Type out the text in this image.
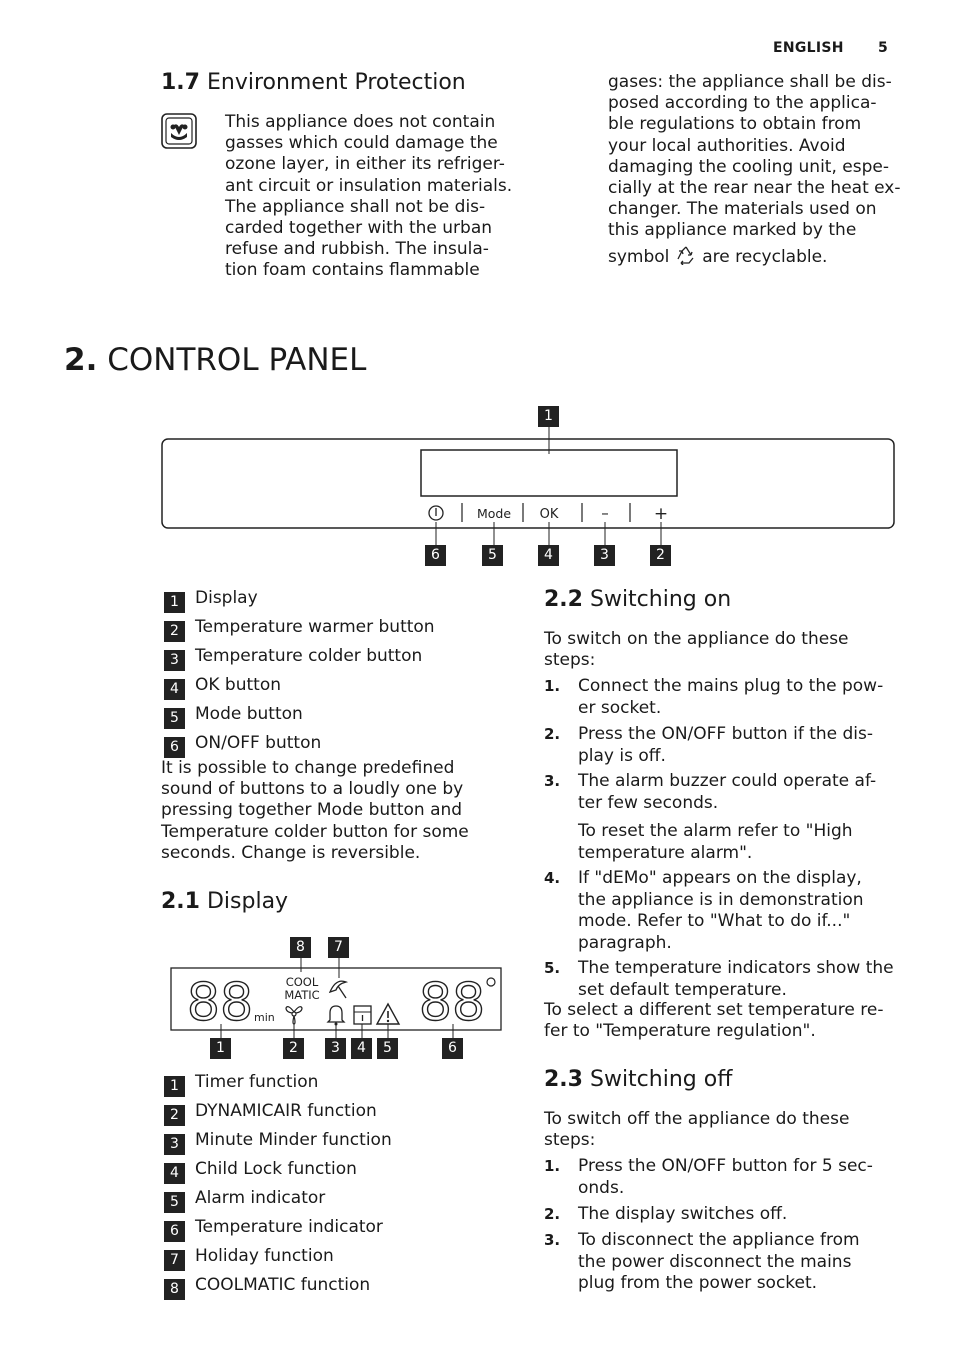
ENGLISH 5
1.7 Environment Protection

This appliance does not contain

gasses which could damage the

ozone layer, in either its refriger-

ant circuit or insulation materials.

The appliance shall not be dis-

carded together with the urban

refuse and rubbish. The insula-

tion foam contains flammable

gases: the appliance shall be dis-

posed according to the applica-

ble regulations to obtain from

your local authorities. Avoid

damaging the cooling unit, espe-

cially at the rear near the heat ex-

changer. The materials used on

this appliance marked by the

symbol are recyclable.

2. CONTROL PANEL
Mode OK	–	+
1
6	5	4	3	2
1 Display
2 Temperature warmer button
3 Temperature colder button
4 OK button
5 Mode button
6 ON/OFF button

It is possible to change predefined

sound of buttons to a loudly one by

pressing together Mode button and

Temperature colder button for some

seconds. Change is reversible.

2.1 Display
88 min
COOL
MATIC 88
8	7
1	2	3	4	5	6
1 Timer function
2 DYNAMICAIR function
3 Minute Minder function
4 Child Lock function
5 Alarm indicator
6 Temperature indicator
7 Holiday function
8 COOLMATIC function
2.2 Switching on

To switch on the appliance do these

steps:

1. Connect the mains plug to the pow-
er socket.
2. Press the ON/OFF button if the dis-
play is off.
3. The alarm buzzer could operate af-
ter few seconds.
To reset the alarm refer to "High
temperature alarm".
4. If "dEMo" appears on the display,
the appliance is in demonstration
mode. Refer to "What to do if..."
paragraph.
5. The temperature indicators show the
set default temperature.

To select a different set temperature re-

fer to "Temperature regulation".

2.3 Switching off

To switch off the appliance do these

steps:

1. Press the ON/OFF button for 5 sec-
onds.
2. The display switches off.
3. To disconnect the appliance from
the power disconnect the mains
plug from the power socket.
